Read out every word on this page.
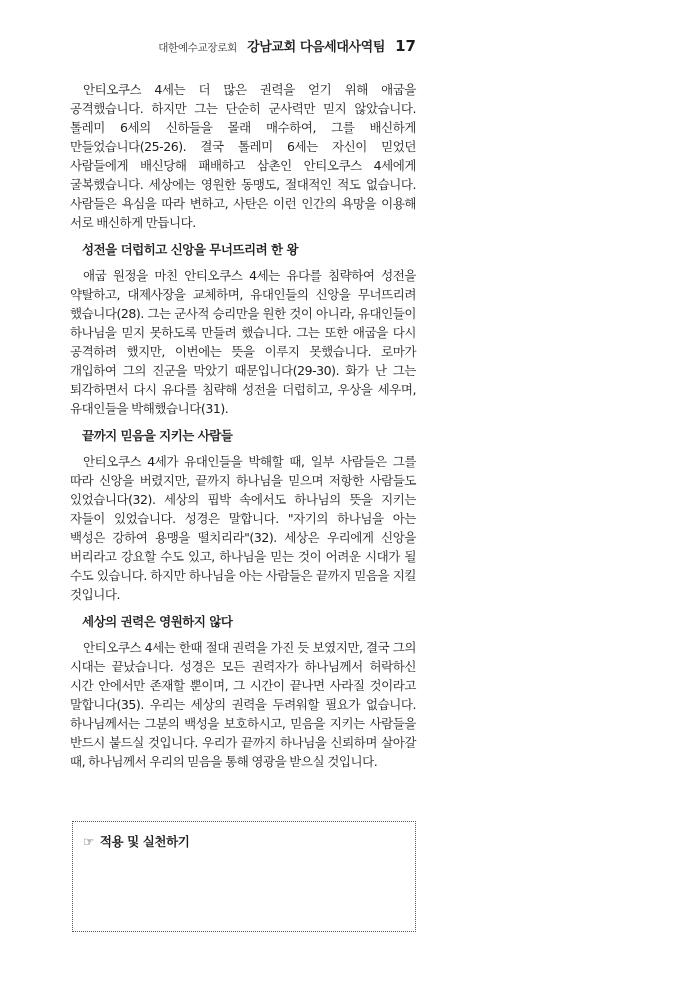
대한예수교장로회 강남교회 다음세대사역팀 17

안티오쿠스 4세는 더 많은 권력을 얻기 위해 애굽을 공격했습니다. 하지만 그는 단순히 군사력만 믿지 않았습니다. 톨레미 6세의 신하들을 몰래 매수하여, 그를 배신하게 만들었습니다(25-26). 결국 톨레미 6세는 자신이 믿었던 사람들에게 배신당해 패배하고 삼촌인 안티오쿠스 4세에게 굴복했습니다. 세상에는 영원한 동맹도, 절대적인 적도 없습니다. 사람들은 욕심을 따라 변하고, 사탄은 이런 인간의 욕망을 이용해 서로 배신하게 만듭니다.

성전을 더럽히고 신앙을 무너뜨리려 한 왕

애굽 원정을 마친 안티오쿠스 4세는 유다를 침략하여 성전을 약탈하고, 대제사장을 교체하며, 유대인들의 신앙을 무너뜨리려 했습니다(28). 그는 군사적 승리만을 원한 것이 아니라, 유대인들이 하나님을 믿지 못하도록 만들려 했습니다. 그는 또한 애굽을 다시 공격하려 했지만, 이번에는 뜻을 이루지 못했습니다. 로마가 개입하여 그의 진군을 막았기 때문입니다(29-30). 화가 난 그는 퇴각하면서 다시 유다를 침략해 성전을 더럽히고, 우상을 세우며, 유대인들을 박해했습니다(31).

끝까지 믿음을 지키는 사람들

안티오쿠스 4세가 유대인들을 박해할 때, 일부 사람들은 그를 따라 신앙을 버렸지만, 끝까지 하나님을 믿으며 저항한 사람들도 있었습니다(32). 세상의 핍박 속에서도 하나님의 뜻을 지키는 자들이 있었습니다. 성경은 말합니다. "자기의 하나님을 아는 백성은 강하여 용맹을 떨치리라"(32). 세상은 우리에게 신앙을 버리라고 강요할 수도 있고, 하나님을 믿는 것이 어려운 시대가 될 수도 있습니다. 하지만 하나님을 아는 사람들은 끝까지 믿음을 지킬 것입니다.

세상의 권력은 영원하지 않다

안티오쿠스 4세는 한때 절대 권력을 가진 듯 보였지만, 결국 그의 시대는 끝났습니다. 성경은 모든 권력자가 하나님께서 허락하신 시간 안에서만 존재할 뿐이며, 그 시간이 끝나면 사라질 것이라고 말합니다(35). 우리는 세상의 권력을 두려워할 필요가 없습니다. 하나님께서는 그분의 백성을 보호하시고, 믿음을 지키는 사람들을 반드시 붙드실 것입니다. 우리가 끝까지 하나님을 신뢰하며 살아갈 때, 하나님께서 우리의 믿음을 통해 영광을 받으실 것입니다.

☞ 적용 및 실천하기
